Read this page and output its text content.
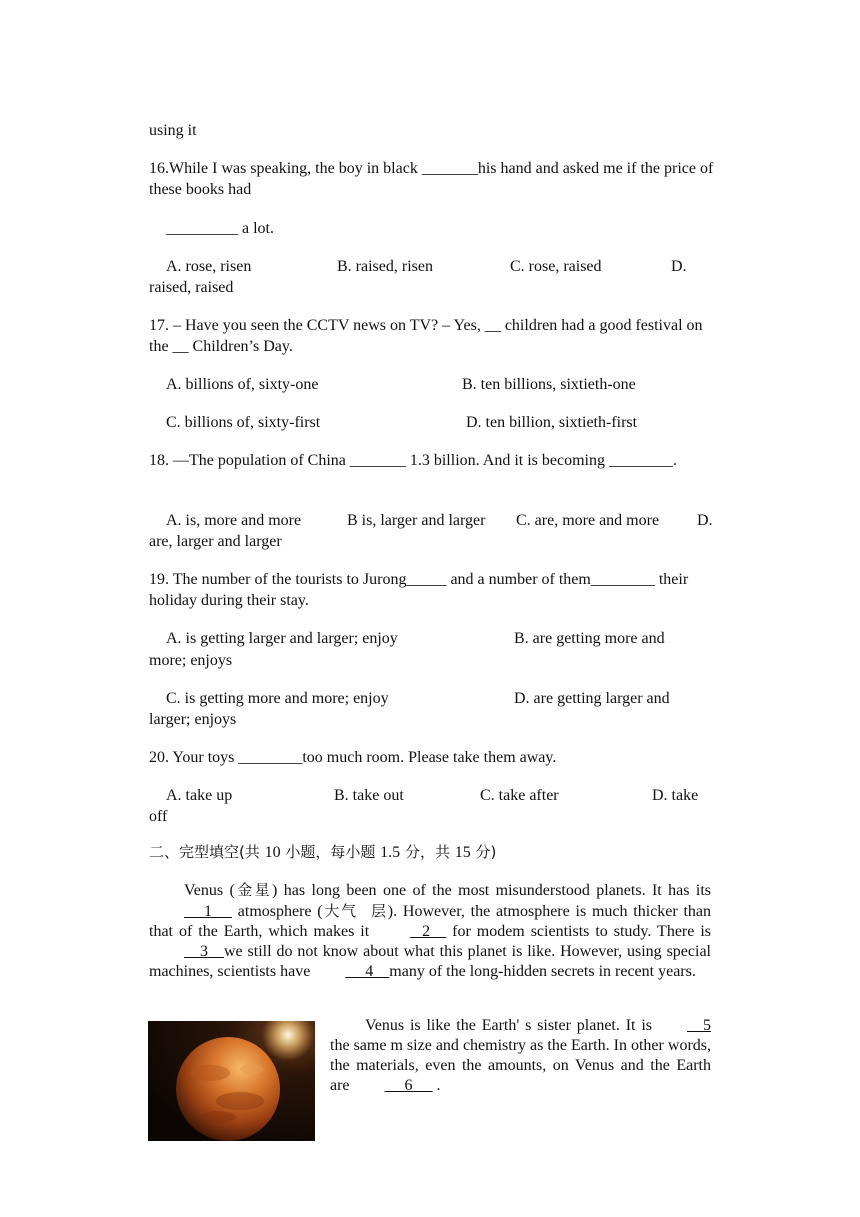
using it
16.While I was speaking, the boy in black _______his hand and asked me if the price of these books had
_________ a lot.
A. rose, risen	B. raised, risen	C. rose, raised	D.
raised, raised
17. – Have you seen the CCTV news on TV? – Yes, __ children had a good festival on the __ Children’s Day.
A. billions of, sixty-one	B. ten billions, sixtieth-one
C. billions of, sixty-first	D. ten billion, sixtieth-first
18. —The population of China _______ 1.3 billion. And it is becoming ________.
A. is, more and more	B is, larger and larger C. are, more and more D.
are, larger and larger
19. The number of the tourists to Jurong_____ and a number of them________ their holiday during their stay.
A. is getting larger and larger; enjoy	B. are getting more and
more; enjoys
C. is getting more and more; enjoy	D. are getting larger and
larger; enjoys
20. Your toys ________too much room. Please take them away.
A. take up	B. take out	C. take after	D. take
off
二、完型填空(共 10 小题，每小题 1.5 分，共 15 分)
Venus (金星) has long been one of the most misunderstood planets. It has its     1      atmosphere (大气  层). However, the atmosphere is much thicker than that of the Earth, which makes it    2     for modem scientists to study. There is     3    we still do not know about what this planet is like. However, using special machines, scientists have     4    many of the long-hidden secrets in recent years.
Venus is like the Earth' s sister planet. It is    5 the same m size and chemistry as the Earth. In other words, the materials, even the amounts, on Venus and the Earth are     6      .
